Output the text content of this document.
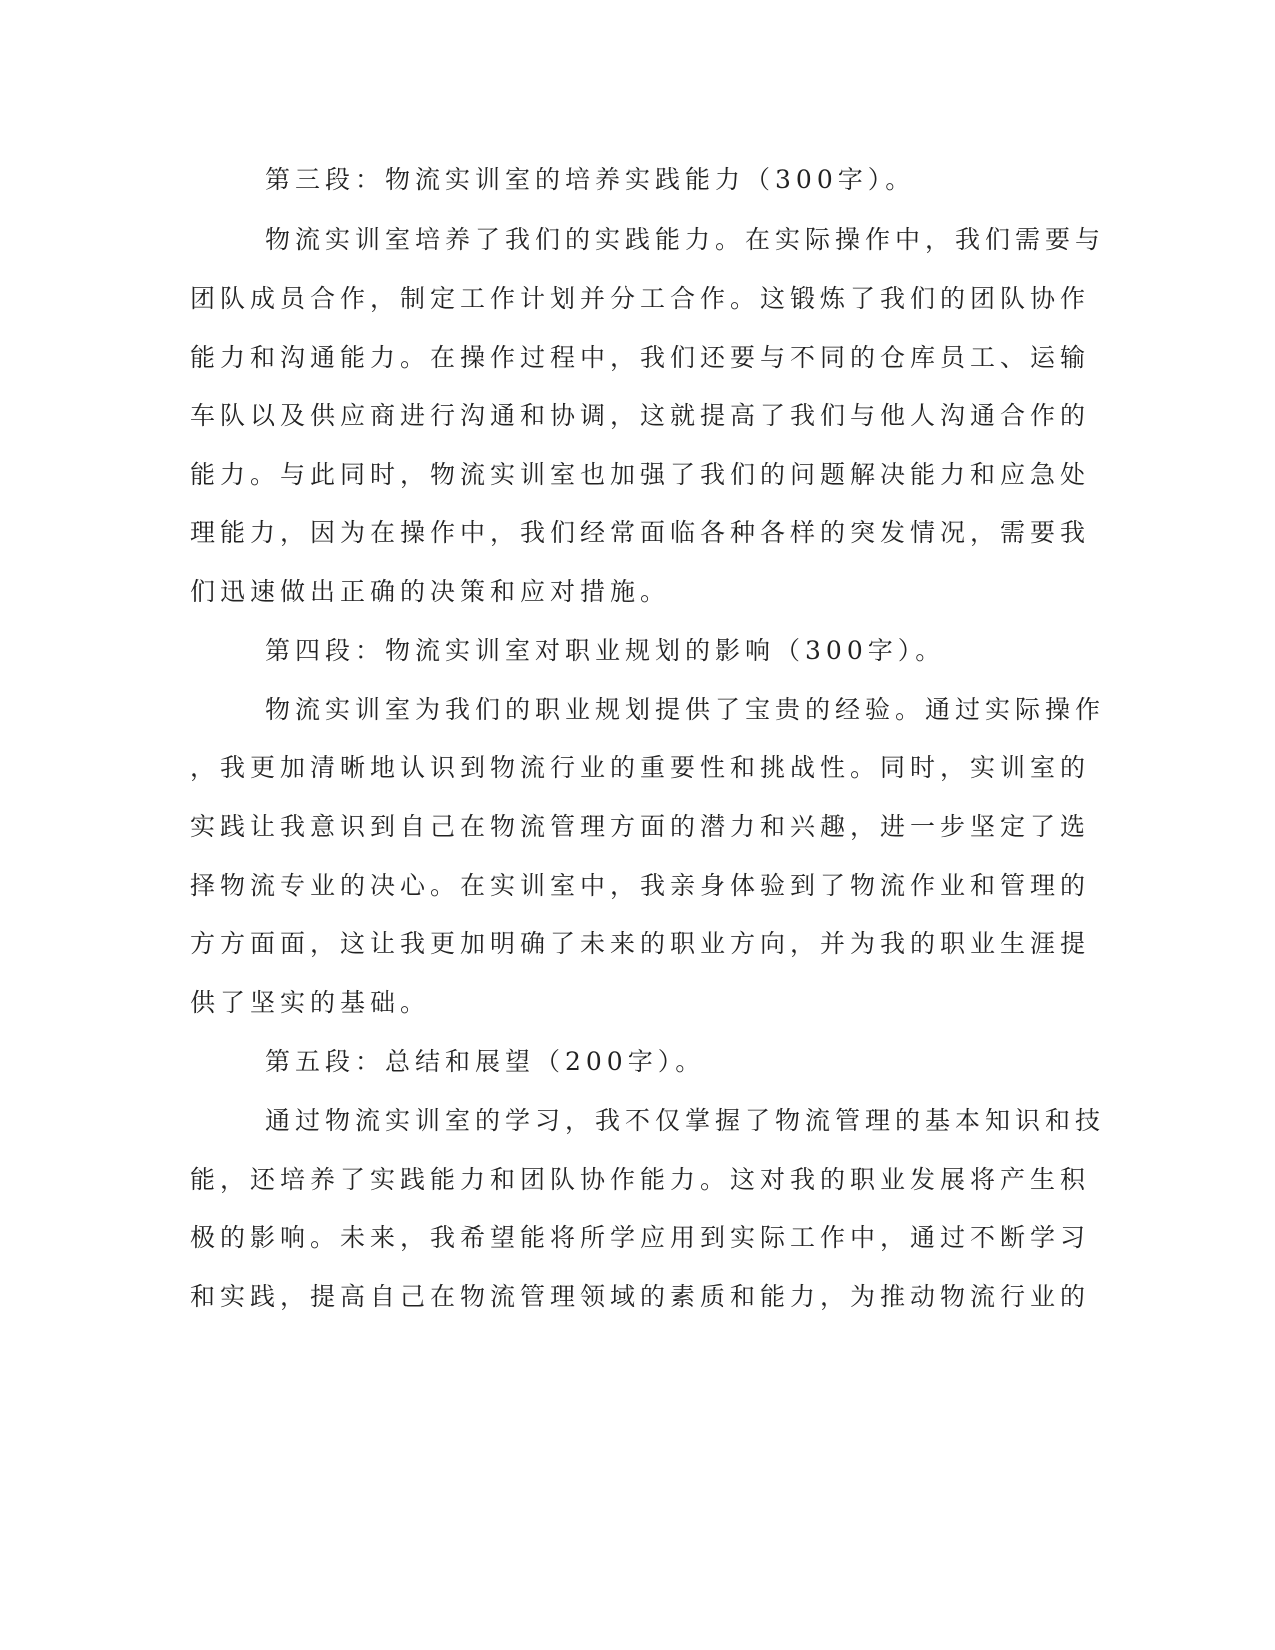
第三段：物流实训室的培养实践能力（300字）。

物流实训室培养了我们的实践能力。在实际操作中，我们需要与

团队成员合作，制定工作计划并分工合作。这锻炼了我们的团队协作

能力和沟通能力。在操作过程中，我们还要与不同的仓库员工、运输

车队以及供应商进行沟通和协调，这就提高了我们与他人沟通合作的

能力。与此同时，物流实训室也加强了我们的问题解决能力和应急处

理能力，因为在操作中，我们经常面临各种各样的突发情况，需要我

们迅速做出正确的决策和应对措施。

第四段：物流实训室对职业规划的影响（300字）。

物流实训室为我们的职业规划提供了宝贵的经验。通过实际操作

，我更加清晰地认识到物流行业的重要性和挑战性。同时，实训室的

实践让我意识到自己在物流管理方面的潜力和兴趣，进一步坚定了选

择物流专业的决心。在实训室中，我亲身体验到了物流作业和管理的

方方面面，这让我更加明确了未来的职业方向，并为我的职业生涯提

供了坚实的基础。

第五段：总结和展望（200字）。

通过物流实训室的学习，我不仅掌握了物流管理的基本知识和技

能，还培养了实践能力和团队协作能力。这对我的职业发展将产生积

极的影响。未来，我希望能将所学应用到实际工作中，通过不断学习

和实践，提高自己在物流管理领域的素质和能力，为推动物流行业的
